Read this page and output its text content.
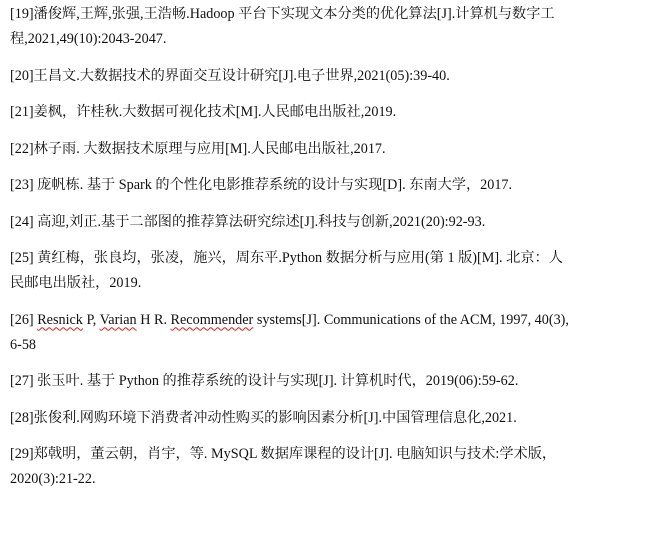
[19]潘俊辉,王辉,张强,王浩畅.Hadoop 平台下实现文本分类的优化算法[J].计算机与数字工
程,2021,49(10):2043-2047.
[20]王昌文.大数据技术的界面交互设计研究[J].电子世界,2021(05):39-40.
[21]姜枫，许桂秋.大数据可视化技术[M].人民邮电出版社,2019.
[22]林子雨. 大数据技术原理与应用[M].人民邮电出版社,2017.
[23] 庞帆栋. 基于 Spark 的个性化电影推荐系统的设计与实现[D]. 东南大学，2017.
[24] 高迎,刘正.基于二部图的推荐算法研究综述[J].科技与创新,2021(20):92-93.
[25] 黄红梅，张良均，张凌，施兴，周东平.Python 数据分析与应用(第 1 版)[M]. 北京：人
民邮电出版社，2019.
[26] Resnick P, Varian H R. Recommender systems[J]. Communications of the ACM, 1997, 40(3),
6-58
[27] 张玉叶. 基于 Python 的推荐系统的设计与实现[J]. 计算机时代，2019(06):59-62.
[28]张俊利.网购环境下消费者冲动性购买的影响因素分析[J].中国管理信息化,2021.
[29]郑戟明，董云朝，肖宇，等. MySQL 数据库课程的设计[J]. 电脑知识与技术:学术版，
2020(3):21-22.
